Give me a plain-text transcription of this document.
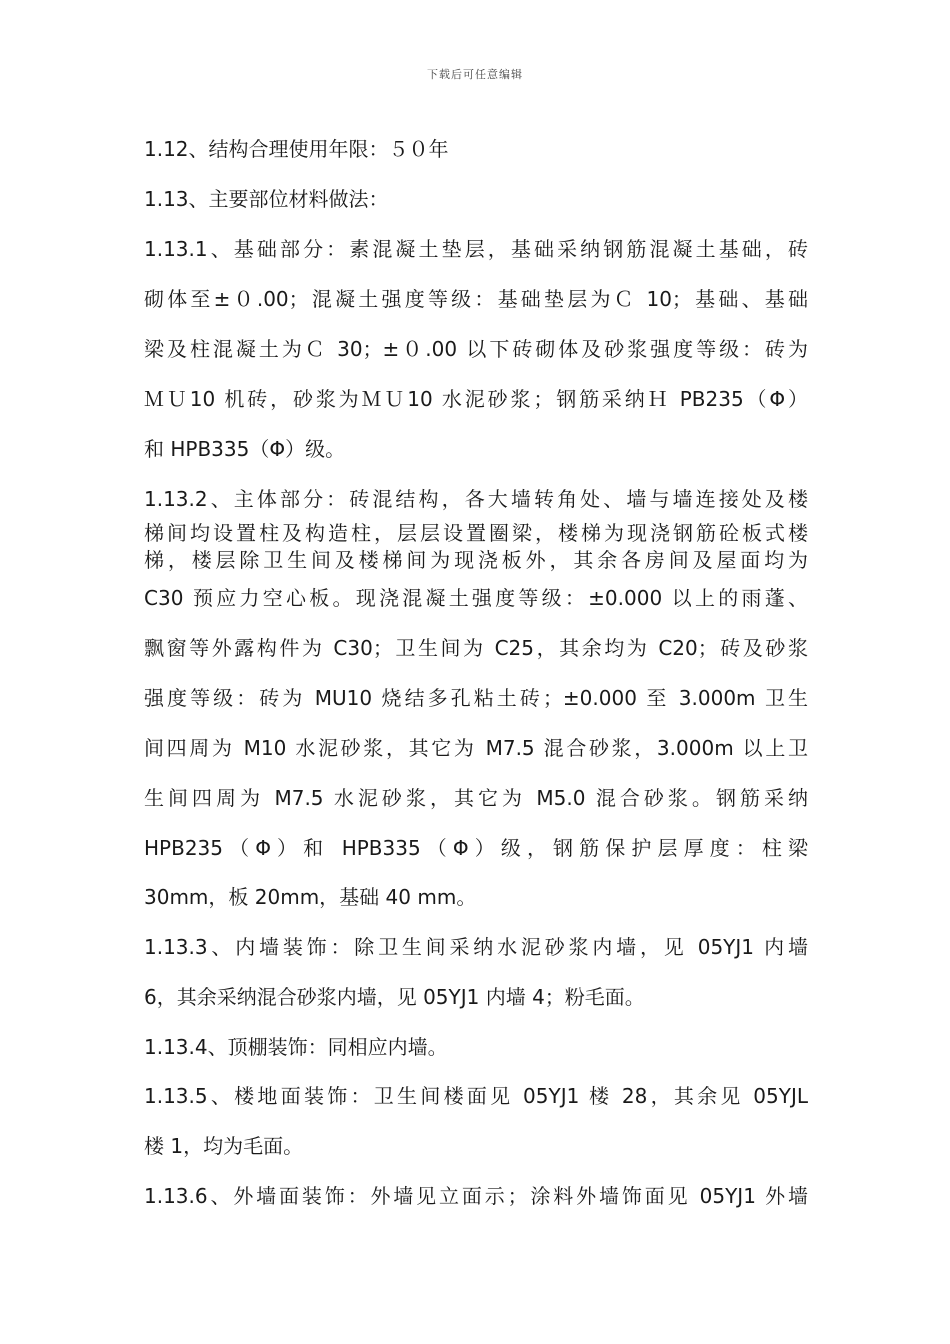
下载后可任意编辑
1.12、结构合理使用年限：５０年
1.13、主要部位材料做法：
1.13.1、基础部分：素混凝土垫层，基础采纳钢筋混凝土基础，砖
砌体至±０.00；混凝土强度等级：基础垫层为Ｃ 10；基础、基础
梁及柱混凝土为Ｃ 30；±０.00 以下砖砌体及砂浆强度等级：砖为
ＭＵ10 机砖，砂浆为ＭＵ10 水泥砂浆；钢筋采纳Ｈ PB235（Φ）
和 HPB335（Φ）级。
1.13.2、主体部分：砖混结构，各大墙转角处、墙与墙连接处及楼
梯间均设置柱及构造柱，层层设置圈梁，楼梯为现浇钢筋砼板式楼
梯，楼层除卫生间及楼梯间为现浇板外，其余各房间及屋面均为
C30 预应力空心板。现浇混凝土强度等级：±0.000 以上的雨蓬、
飘窗等外露构件为 C30；卫生间为 C25，其余均为 C20；砖及砂浆
强度等级：砖为 MU10 烧结多孔粘土砖；±0.000 至 3.000m 卫生
间四周为 M10 水泥砂浆，其它为 M7.5 混合砂浆，3.000m 以上卫
生间四周为 M7.5 水泥砂浆，其它为 M5.0 混合砂浆。钢筋采纳
HPB235（Φ）和 HPB335（Φ）级，钢筋保护层厚度：柱梁
30mm，板 20mm，基础 40 mm。
1.13.3、内墙装饰：除卫生间采纳水泥砂浆内墙，见 05YJ1 内墙
6，其余采纳混合砂浆内墙，见 05YJ1 内墙 4；粉毛面。
1.13.4、顶棚装饰：同相应内墙。
1.13.5、楼地面装饰：卫生间楼面见 05YJ1 楼 28，其余见 05YJL
楼 1，均为毛面。
1.13.6、外墙面装饰：外墙见立面示；涂料外墙饰面见 05YJ1 外墙
